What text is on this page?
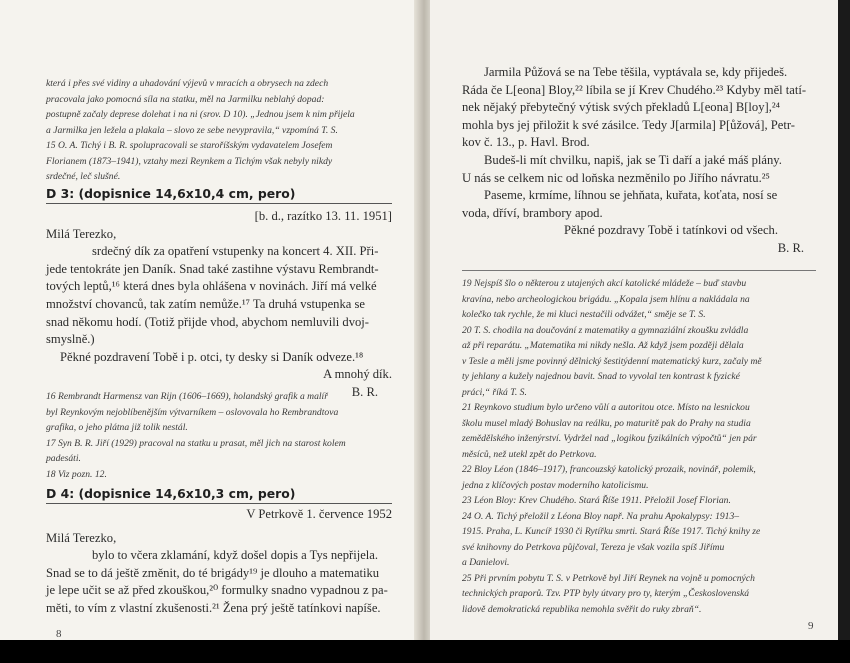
která i přes své vidiny a uhadování výjevů v mracích a obrysech na zdech
pracovala jako pomocná síla na statku, měl na Jarmilku neblahý dopad:
postupně začaly deprese dolehat i na ni (srov. D 10). „Jednou jsem k nim přijela
a Jarmilka jen ležela a plakala – slovo ze sebe nevypravila,“ vzpomíná T. S.
15 O. A. Tichý i B. R. spolupracovali se staroříšským vydavatelem Josefem
Florianem (1873–1941), vztahy mezi Reynkem a Tichým však nebyly nikdy
srdečné, leč slušné.
D 3: (dopisnice 14,6x10,4 cm, pero)
[b. d., razítko 13. 11. 1951]
Milá Terezko,
srdečný dík za opatření vstupenky na koncert 4. XII. Při-
jede tentokráte jen Daník. Snad také zastihne výstavu Rembrandt-
tových leptů,¹⁶ která dnes byla ohlášena v novinách. Jiří má velké
množství chovanců, tak zatím nemůže.¹⁷ Ta druhá vstupenka se
snad někomu hodí. (Totiž přijde vhod, abychom nemluvili dvoj-
smyslně.)
Pěkné pozdravení Tobě i p. otci, ty desky si Daník odveze.¹⁸
A mnohý dík.
B. R.
16 Rembrandt Harmensz van Rijn (1606–1669), holandský grafik a malíř
byl Reynkovým nejoblíbenějším výtvarníkem – oslovovala ho Rembrandtova
grafika, o jeho plátna již tolik nestál.
17 Syn B. R. Jiří (1929) pracoval na statku u prasat, měl jich na starost kolem
padesáti.
18 Viz pozn. 12.
D 4: (dopisnice 14,6x10,3 cm, pero)
V Petrkově 1. července 1952
Milá Terezko,
bylo to včera zklamání, když došel dopis a Tys nepřijela.
Snad se to dá ještě změnit, do té brigády¹⁹ je dlouho a matematiku
je lepe učit se až před zkouškou,²⁰ formulky snadno vypadnou z pa-
měti, to vím z vlastní zkušenosti.²¹ Žena prý ještě tatínkovi napíše.
8
Jarmila Půžová se na Tebe těšila, vyptávala se, kdy přijedeš.
Ráda če L[eona] Bloy,²² líbila se jí Krev Chudého.²³ Kdyby měl tatí-
nek nějaký přebytečný výtisk svých překladů L[eona] B[loy],²⁴
mohla bys jej přiložit k své zásilce. Tedy J[armila] P[ůžová], Petr-
kov č. 13., p. Havl. Brod.
Budeš-li mít chvilku, napiš, jak se Ti daří a jaké máš plány.
U nás se celkem nic od loňska nezměnilo po Jiřího návratu.²⁵
Paseme, krmíme, líhnou se jehňata, kuřata, koťata, nosí se
voda, dříví, brambory apod.
Pěkné pozdravy Tobě i tatínkovi od všech.
B. R.
19 Nejspíš šlo o některou z utajených akcí katolické mládeže – buď stavbu
kravína, nebo archeologickou brigádu. „Kopala jsem hlínu a nakládala na
kolečko tak rychle, že mi kluci nestačili odvážet,“ směje se T. S.
20 T. S. chodila na doučování z matematiky a gymnaziální zkoušku zvládla
až při reparátu. „Matematika mi nikdy nešla. Až když jsem později dělala
v Tesle a měli jsme povinný dělnický šestitýdenní matematický kurz, začaly mě
ty jehlany a kužely najednou bavit. Snad to vyvolal ten kontrast k fyzické
práci,“ říká T. S.
21 Reynkovo studium bylo určeno vůlí a autoritou otce. Místo na lesnickou
školu musel mladý Bohuslav na reálku, po maturitě pak do Prahy na studia
zemědělského inženýrství. Vydržel nad „logikou fyzikálních výpočtů“ jen pár
měsíců, než utekl zpět do Petrkova.
22 Bloy Léon (1846–1917), francouzský katolický prozaik, novinář, polemik,
jedna z klíčových postav moderního katolicismu.
23 Léon Bloy: Krev Chudého. Stará Říše 1911. Přeložil Josef Florian.
24 O. A. Tichý přeložil z Léona Bloy např. Na prahu Apokalypsy: 1913–
1915. Praha, L. Kuncíř 1930 či Rytířku smrti. Stará Říše 1917. Tichý knihy ze
své knihovny do Petrkova půjčoval, Tereza je však vozila spíš Jiřímu
a Danielovi.
25 Při prvním pobytu T. S. v Petrkově byl Jiří Reynek na vojně u pomocných
technických praporů. Tzv. PTP byly útvary pro ty, kterým „Československá
lidově demokratická republika nemohla svěřit do ruky zbraň“.
9
